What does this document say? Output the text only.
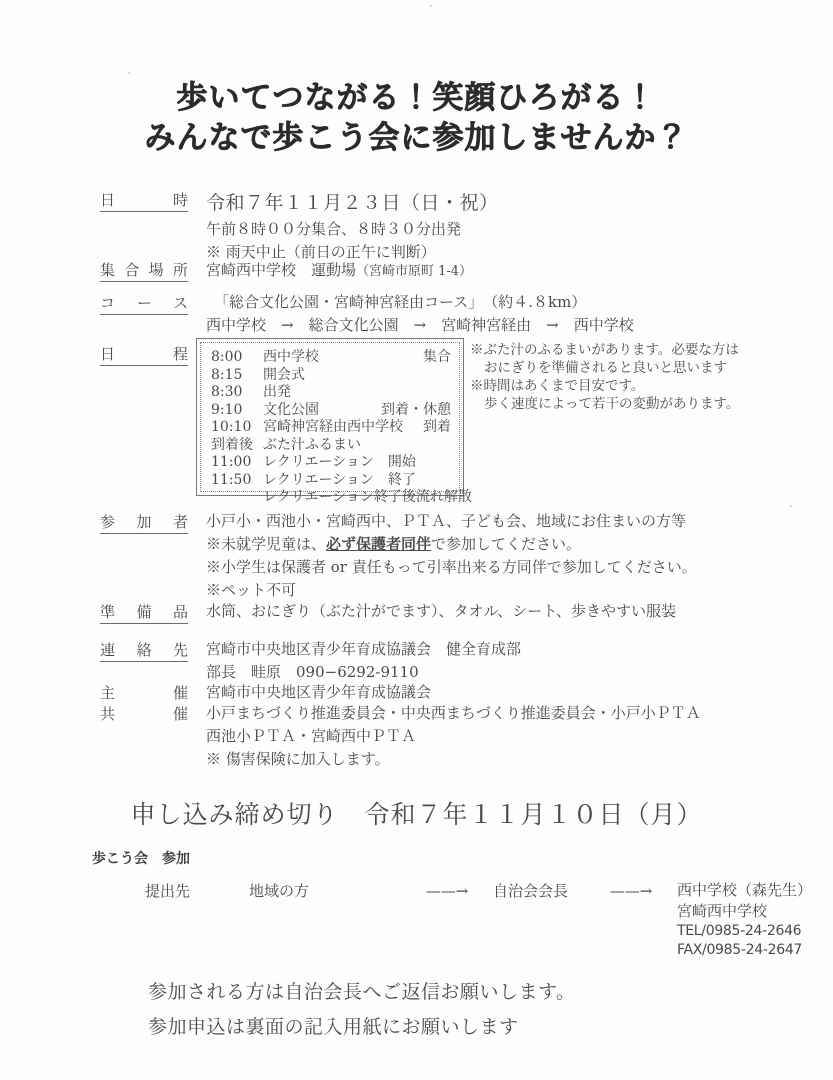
歩いてつながる！笑顔ひろがる！
みんなで歩こう会に参加しませんか？
日　時 令和７年１１月２３日（日・祝）
午前８時００分集合、８時３０分出発
※ 雨天中止（前日の正午に判断）
集合場所 宮崎西中学校　運動場（宮崎市原町 1-4）
コース	「総合文化公園・宮崎神宮経由コース」　（約４.８km）
西中学校　→　総合文化公園　→　宮崎神宮経由　→　西中学校
日　程 8:00 西中学校	集合
8:15 開会式
8:30 出発
9:10 文化公園	到着・休憩
10:10 宮崎神宮経由西中学校 到着
到着後 ぶた汁ふるまい
11:00 レクリエーション　開始
11:50 レクリエーション　終了
レクリエーション終了後流れ解散
※ぶた汁のふるまいがあります。必要な方は
おにぎりを準備されると良いと思います
※時間はあくまで目安です。
歩く速度によって若干の変動があります。
参 加 者 小戸小・西池小・宮崎西中、ＰＴＡ、子ども会、地域にお住まいの方等
※未就学児童は、必ず保護者同伴で参加してください。
※小学生は保護者 or 責任もって引率出来る方同伴で参加してください。
※ペット不可
準 備 品 水筒、おにぎり（ぶた汁がでます）、タオル、シート、歩きやすい服装
連 絡 先 宮崎市中央地区青少年育成協議会　健全育成部
部長　畦原　090−6292-9110
主　　催 宮崎市中央地区青少年育成協議会
共　　催 小戸まちづくり推進委員会・中央西まちづくり推進委員会・小戸小ＰＴＡ
西池小ＰＴＡ・宮崎西中ＰＴＡ
※ 傷害保険に加入します。
申し込み締め切り　令和７年１１月１０日（月）
歩こう会　参加
提出先	地域の方	——→	自治会会長	——→	西中学校（森先生）
宮崎西中学校
TEL/0985-24-2646
FAX/0985-24-2647
参加される方は自治会長へご返信お願いします。
参加申込は裏面の記入用紙にお願いします
